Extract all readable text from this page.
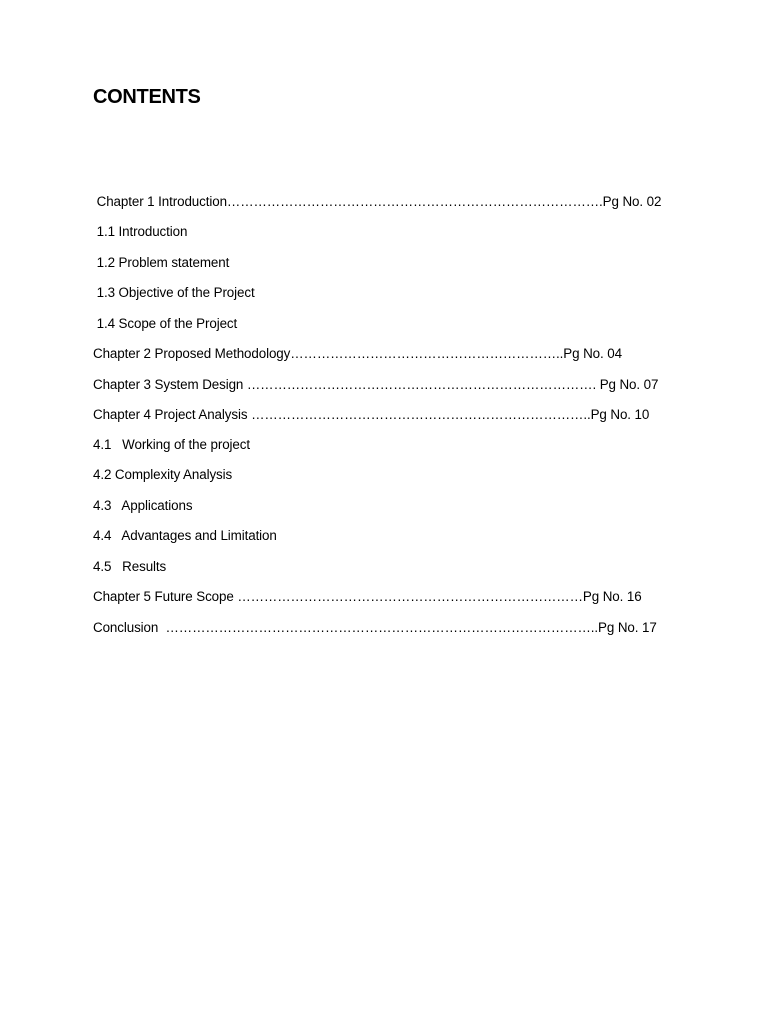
CONTENTS
Chapter 1 Introduction………………………………………………………………………….Pg No. 02
1.1 Introduction
1.2 Problem statement
1.3 Objective of the Project
1.4 Scope of the Project
Chapter 2 Proposed Methodology……………………………………………………..Pg No. 04
Chapter 3 System Design ……………………………………………………………………. Pg No. 07
Chapter 4 Project Analysis …………………………………………………………………..Pg No. 10
4.1   Working of the project
4.2 Complexity Analysis
4.3   Applications
4.4   Advantages and Limitation
4.5   Results
Chapter 5 Future Scope ……………………………………………………………………Pg No. 16
Conclusion  ……………………………………………………………………………………..Pg No. 17
